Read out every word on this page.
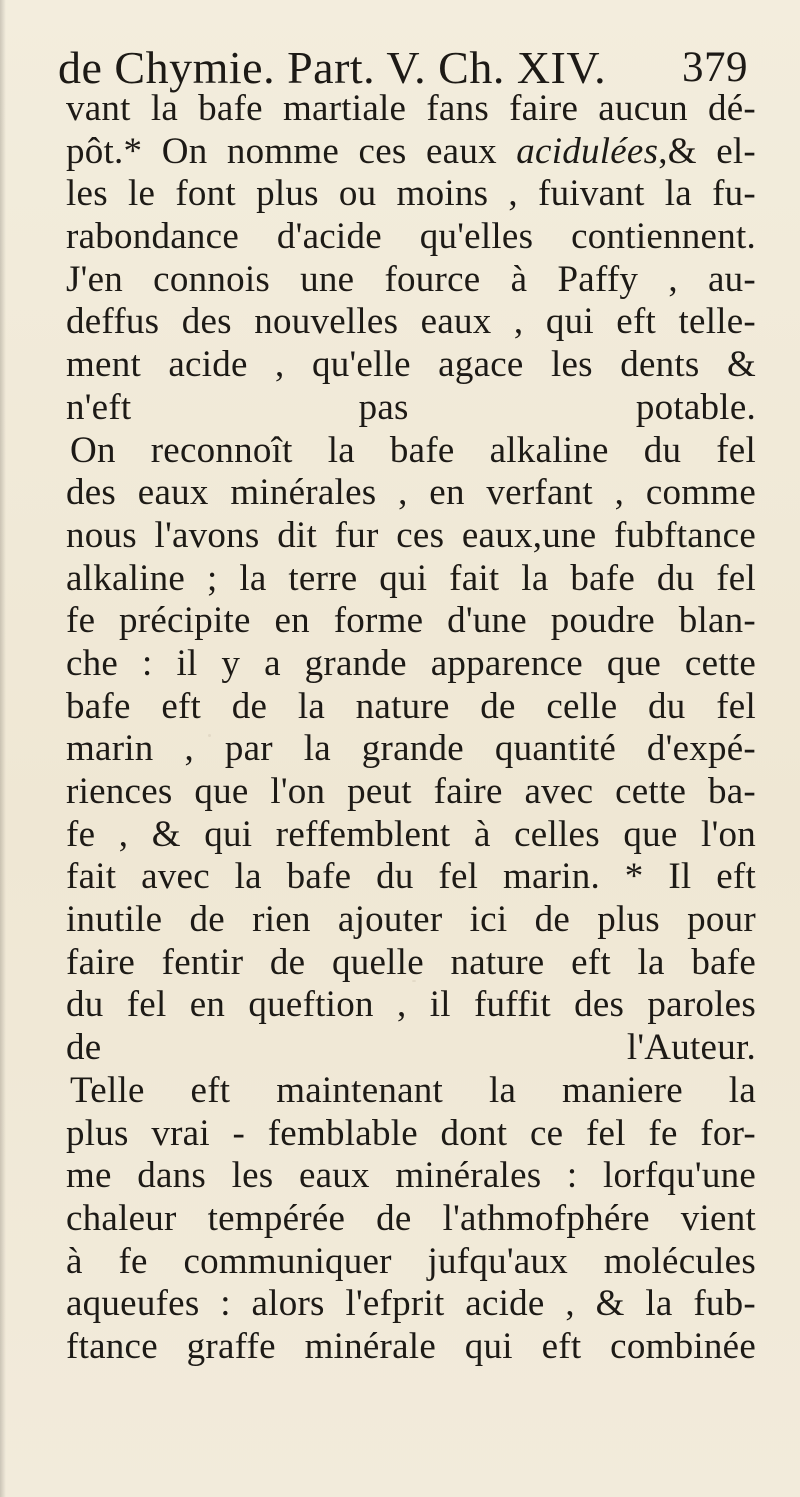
de Chymie. Part. V. Ch. XIV.	379
vant la bafe martiale fans faire aucun dé-
pôt.* On nomme ces eaux acidulées,& el-
les le font plus ou moins , fuivant la fu-
rabondance d'acide qu'elles contiennent.
J'en connois une fource à Paffy , au-
deffus des nouvelles eaux , qui eft telle-
ment acide , qu'elle agace les dents &
n'eft pas potable.
On reconnoît la bafe alkaline du fel
des eaux minérales , en verfant , comme
nous l'avons dit fur ces eaux,une fubftance
alkaline ; la terre qui fait la bafe du fel
fe précipite en forme d'une poudre blan-
che : il y a grande apparence que cette
bafe eft de la nature de celle du fel
marin , par la grande quantité d'expé-
riences que l'on peut faire avec cette ba-
fe , & qui reffemblent à celles que l'on
fait avec la bafe du fel marin. * Il eft
inutile de rien ajouter ici de plus pour
faire fentir de quelle nature eft la bafe
du fel en queftion , il fuffit des paroles
de l'Auteur.
Telle eft maintenant la maniere la
plus vrai - femblable dont ce fel fe for-
me dans les eaux minérales : lorfqu'une
chaleur tempérée de l'athmofphére vient
à fe communiquer jufqu'aux molécules
aqueufes : alors l'efprit acide , & la fub-
ftance graffe minérale qui eft combinée
